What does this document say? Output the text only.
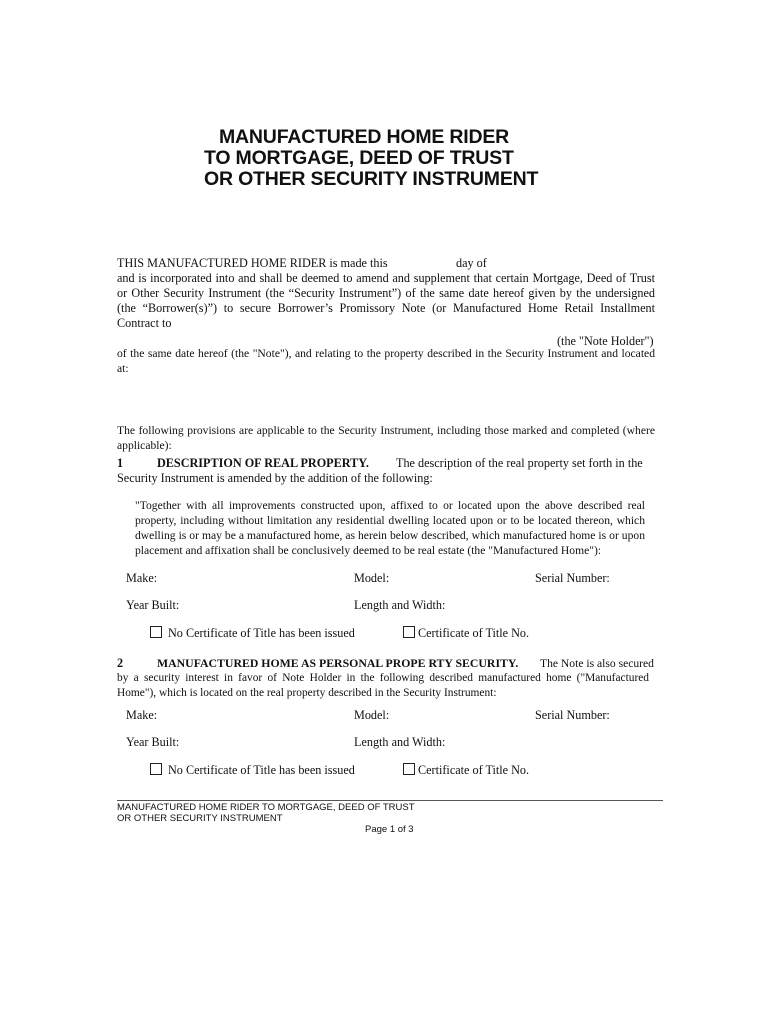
MANUFACTURED HOME RIDER
TO MORTGAGE, DEED OF TRUST
OR OTHER SECURITY INSTRUMENT
THIS MANUFACTURED HOME RIDER is made this	day of
and is incorporated into and shall be deemed to amend and supplement that certain Mortgage, Deed of Trust or Other Security Instrument (the “Security Instrument”) of the same date hereof given by the undersigned (the “Borrower(s)”) to secure Borrower’s Promissory Note (or Manufactured Home Retail Installment Contract to
(the "Note Holder")
of the same date hereof (the "Note"), and relating to the property described in the Security Instrument and located at:
The following provisions are applicable to the Security Instrument, including those marked and completed (where applicable):
1	DESCRIPTION OF REAL PROPERTY. The description of the real property set forth in the
Security Instrument is amended by the addition of the following:
"Together with all improvements constructed upon, affixed to or located upon the above described real property, including without limitation any residential dwelling located upon or to be located thereon, which dwelling is or may be a manufactured home, as herein below described, which manufactured home is or upon placement and affixation shall be conclusively deemed to be real estate (the "Manufactured Home"):
Make:	Model:	Serial Number:
Year Built:	Length and Width:
No Certificate of Title has been issued	Certificate of Title No.
2	MANUFACTURED HOME AS PERSONAL PROPE RTY SECURITY. The Note is also secured
by a security interest in favor of Note Holder in the following described manufactured home ("Manufactured Home"), which is located on the real property described in the Security Instrument:
Make:	Model:	Serial Number:
Year Built:	Length and Width:
No Certificate of Title has been issued	Certificate of Title No.
MANUFACTURED HOME RIDER TO MORTGAGE, DEED OF TRUST
OR OTHER SECURITY INSTRUMENT
Page 1 of 3
